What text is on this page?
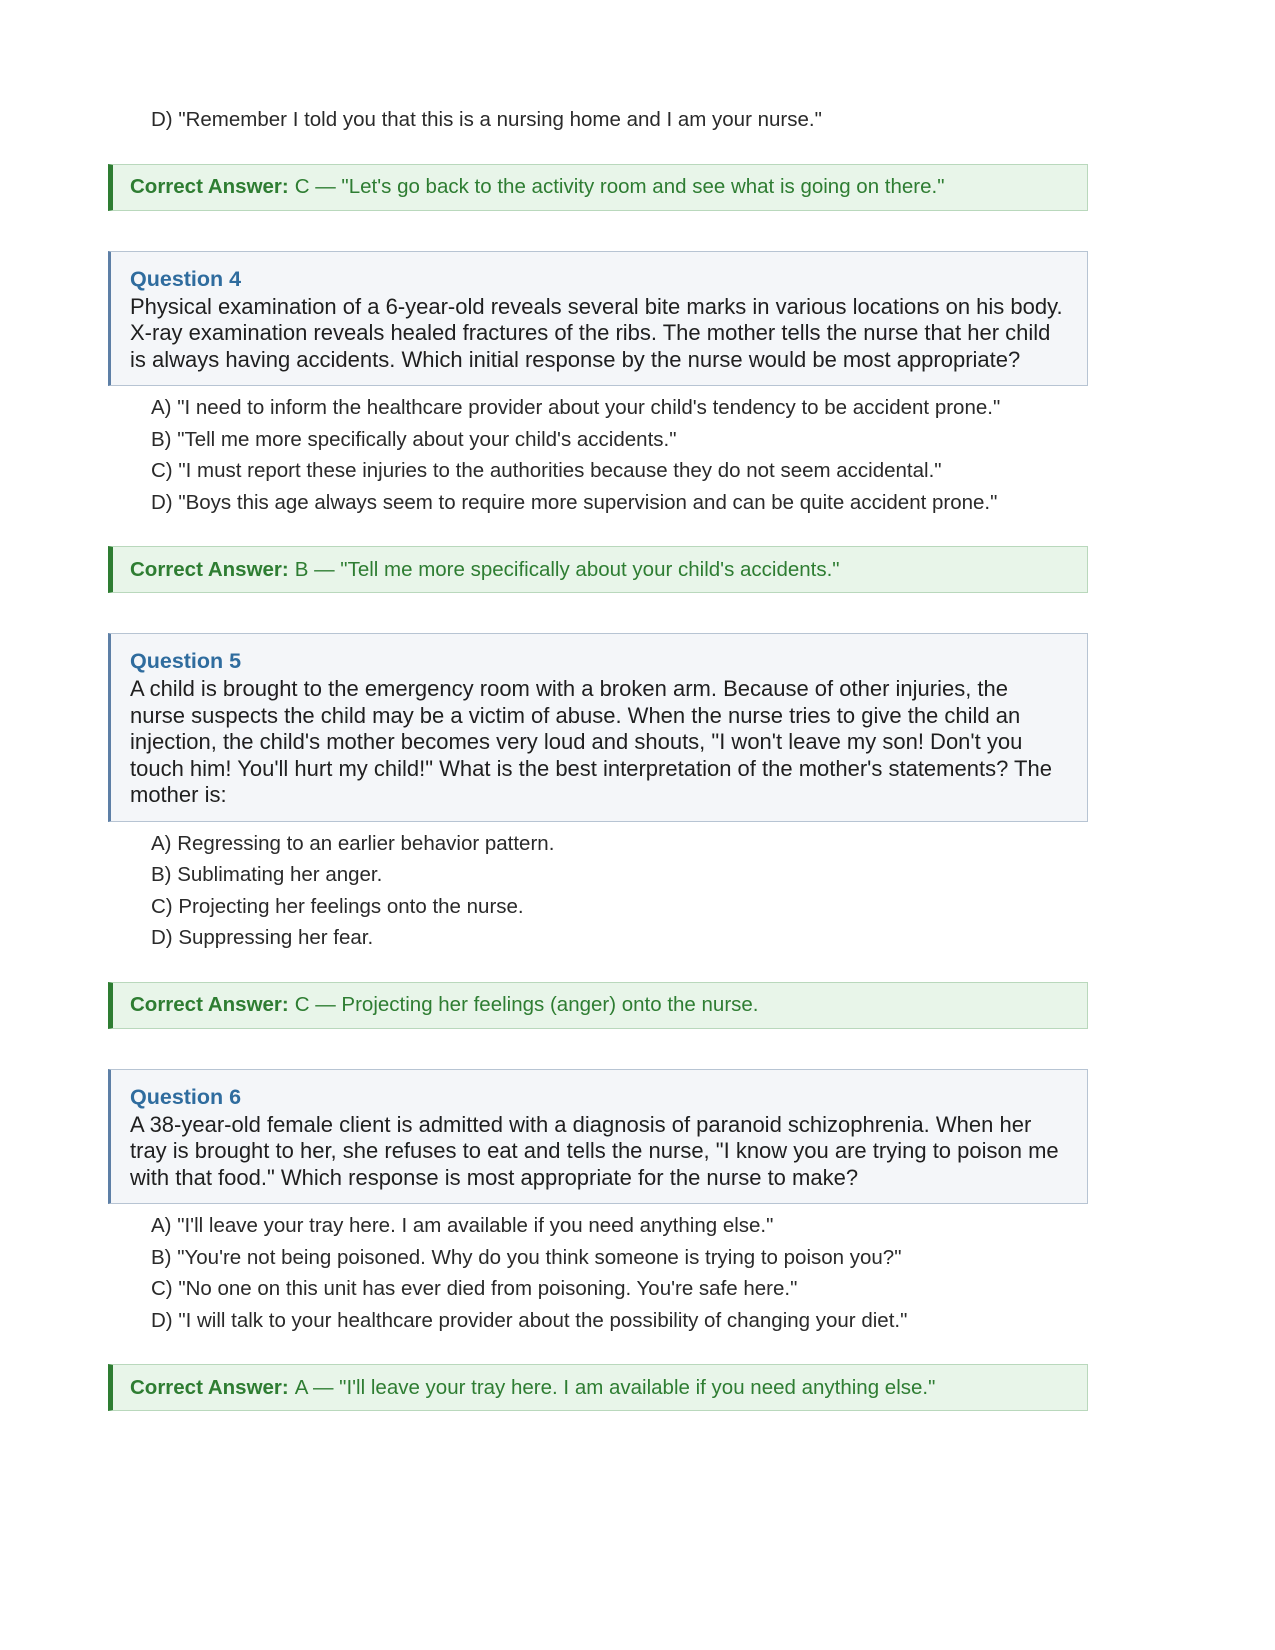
D) "Remember I told you that this is a nursing home and I am your nurse."
Correct Answer: C — "Let's go back to the activity room and see what is going on there."
Question 4
Physical examination of a 6-year-old reveals several bite marks in various locations on his body. X-ray examination reveals healed fractures of the ribs. The mother tells the nurse that her child is always having accidents. Which initial response by the nurse would be most appropriate?
A) "I need to inform the healthcare provider about your child's tendency to be accident prone."
B) "Tell me more specifically about your child's accidents."
C) "I must report these injuries to the authorities because they do not seem accidental."
D) "Boys this age always seem to require more supervision and can be quite accident prone."
Correct Answer: B — "Tell me more specifically about your child's accidents."
Question 5
A child is brought to the emergency room with a broken arm. Because of other injuries, the nurse suspects the child may be a victim of abuse. When the nurse tries to give the child an injection, the child's mother becomes very loud and shouts, "I won't leave my son! Don't you touch him! You'll hurt my child!" What is the best interpretation of the mother's statements? The mother is:
A) Regressing to an earlier behavior pattern.
B) Sublimating her anger.
C) Projecting her feelings onto the nurse.
D) Suppressing her fear.
Correct Answer: C — Projecting her feelings (anger) onto the nurse.
Question 6
A 38-year-old female client is admitted with a diagnosis of paranoid schizophrenia. When her tray is brought to her, she refuses to eat and tells the nurse, "I know you are trying to poison me with that food." Which response is most appropriate for the nurse to make?
A) "I'll leave your tray here. I am available if you need anything else."
B) "You're not being poisoned. Why do you think someone is trying to poison you?"
C) "No one on this unit has ever died from poisoning. You're safe here."
D) "I will talk to your healthcare provider about the possibility of changing your diet."
Correct Answer: A — "I'll leave your tray here. I am available if you need anything else."
